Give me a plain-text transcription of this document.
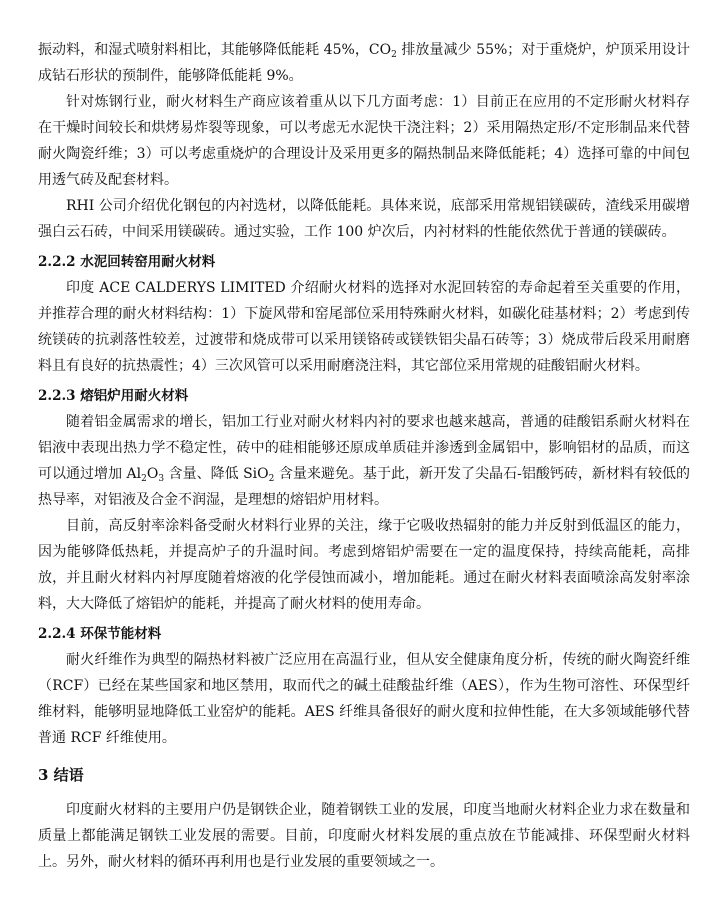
振动料，和湿式喷射料相比，其能够降低能耗 45%，$CO_2$ 排放量减少 55%；对于重烧炉，炉顶采用设计成钻石形状的预制件，能够降低能耗 9%。

针对炼钢行业，耐火材料生产商应该着重从以下几方面考虑：1）目前正在应用的不定形耐火材料存在干燥时间较长和烘烤易炸裂等现象，可以考虑无水泥快干浇注料；2）采用隔热定形/不定形制品来代替耐火陶瓷纤维；3）可以考虑重烧炉的合理设计及采用更多的隔热制品来降低能耗；4）选择可靠的中间包用透气砖及配套材料。

RHI 公司介绍优化钢包的内衬选材，以降低能耗。具体来说，底部采用常规铝镁碳砖，渣线采用碳增强白云石砖，中间采用镁碳砖。通过实验，工作 100 炉次后，内衬材料的性能依然优于普通的镁碳砖。

2.2.2 水泥回转窑用耐火材料

印度 ACE CALDERYS LIMITED 介绍耐火材料的选择对水泥回转窑的寿命起着至关重要的作用，并推荐合理的耐火材料结构：1）下旋风带和窑尾部位采用特殊耐火材料，如碳化硅基材料；2）考虑到传统镁砖的抗剥落性较差，过渡带和烧成带可以采用镁铬砖或镁铁铝尖晶石砖等；3）烧成带后段采用耐磨料且有良好的抗热震性；4）三次风管可以采用耐磨浇注料，其它部位采用常规的硅酸铝耐火材料。

2.2.3 熔铝炉用耐火材料

随着铝金属需求的增长，铝加工行业对耐火材料内衬的要求也越来越高，普通的硅酸铝系耐火材料在铝液中表现出热力学不稳定性，砖中的硅相能够还原成单质硅并渗透到金属铝中，影响铝材的品质，而这可以通过增加 $Al_2O_3$ 含量、降低 SiO$_2$ 含量来避免。基于此，新开发了尖晶石-铝酸钙砖，新材料有较低的热导率，对铝液及合金不润湿，是理想的熔铝炉用材料。

目前，高反射率涂料备受耐火材料行业界的关注，缘于它吸收热辐射的能力并反射到低温区的能力，因为能够降低热耗，并提高炉子的升温时间。考虑到熔铝炉需要在一定的温度保持，持续高能耗，高排放，并且耐火材料内衬厚度随着熔液的化学侵蚀而减小，增加能耗。通过在耐火材料表面喷涂高发射率涂料，大大降低了熔铝炉的能耗，并提高了耐火材料的使用寿命。

2.2.4 环保节能材料

耐火纤维作为典型的隔热材料被广泛应用在高温行业，但从安全健康角度分析，传统的耐火陶瓷纤维（RCF）已经在某些国家和地区禁用，取而代之的碱土硅酸盐纤维（AES），作为生物可溶性、环保型纤维材料，能够明显地降低工业窑炉的能耗。AES 纤维具备很好的耐火度和拉伸性能，在大多领域能够代替普通 RCF 纤维使用。

3 结语

印度耐火材料的主要用户仍是钢铁企业，随着钢铁工业的发展，印度当地耐火材料企业力求在数量和质量上都能满足钢铁工业发展的需要。目前，印度耐火材料发展的重点放在节能减排、环保型耐火材料上。另外，耐火材料的循环再利用也是行业发展的重要领域之一。
